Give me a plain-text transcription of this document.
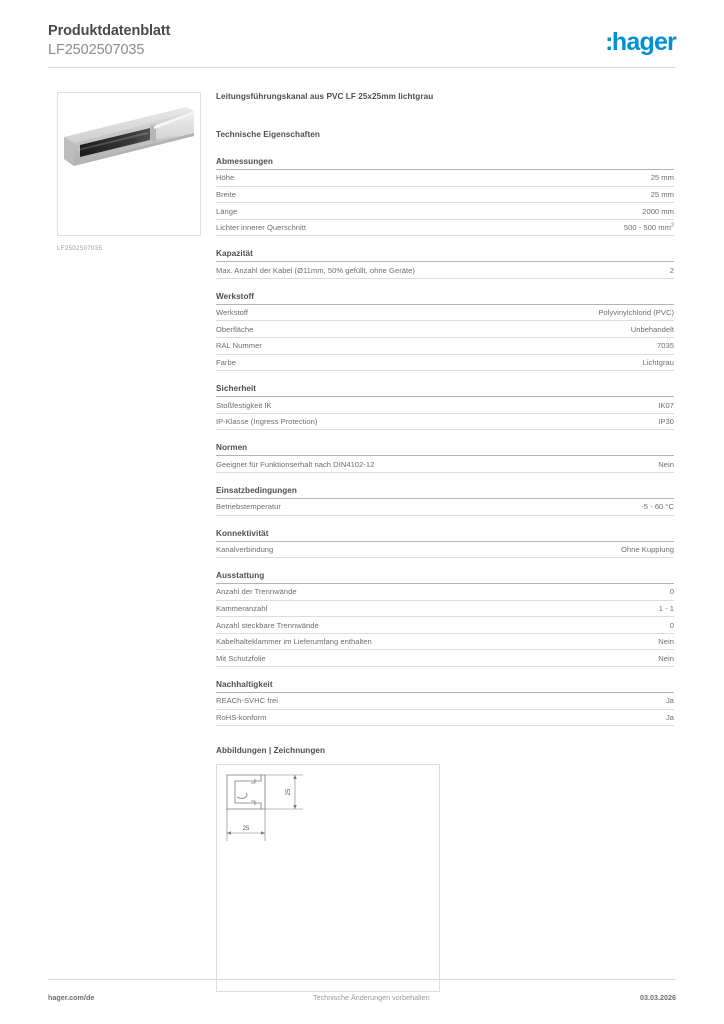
Produktdatenblatt
LF2502507035	:hager
LF2502507035
Leitungsführungskanal aus PVC LF 25x25mm lichtgrau
Technische Eigenschaften
Abmessungen
Höhe	25 mm
Breite	25 mm
Länge	2000 mm
Lichter innerer Querschnitt	500 - 500 $mm^2$
Kapazität
Max. Anzahl der Kabel (Ø11mm, 50% gefüllt, ohne Geräte)	2
Werkstoff
Werkstoff	Polyvinylchlorid (PVC)
Oberfläche	Unbehandelt
RAL Nummer	7035
Farbe	Lichtgrau
Sicherheit
Stoßfestigkeit IK	IK07
IP-Klasse (Ingress Protection)	IP30
Normen
Geeignet für Funktionserhalt nach DIN4102-12	Nein
Einsatzbedingungen
Betriebstemperatur	-5 - 60 °C
Konnektivität
Kanalverbindung	Ohne Kupplung
Ausstattung
Anzahl der Trennwände	0
Kammeranzahl	1 - 1
Anzahl steckbare Trennwände	0
Kabelhalteklammer im Lieferumfang enthalten	Nein
Mit Schutzfolie	Nein
Nachhaltigkeit
REACh-SVHC frei	Ja
RoHS-konform	Ja
Abbildungen | Zeichnungen
25
25
hager.com/de	Technische Änderungen vorbehalten	03.03.2026
